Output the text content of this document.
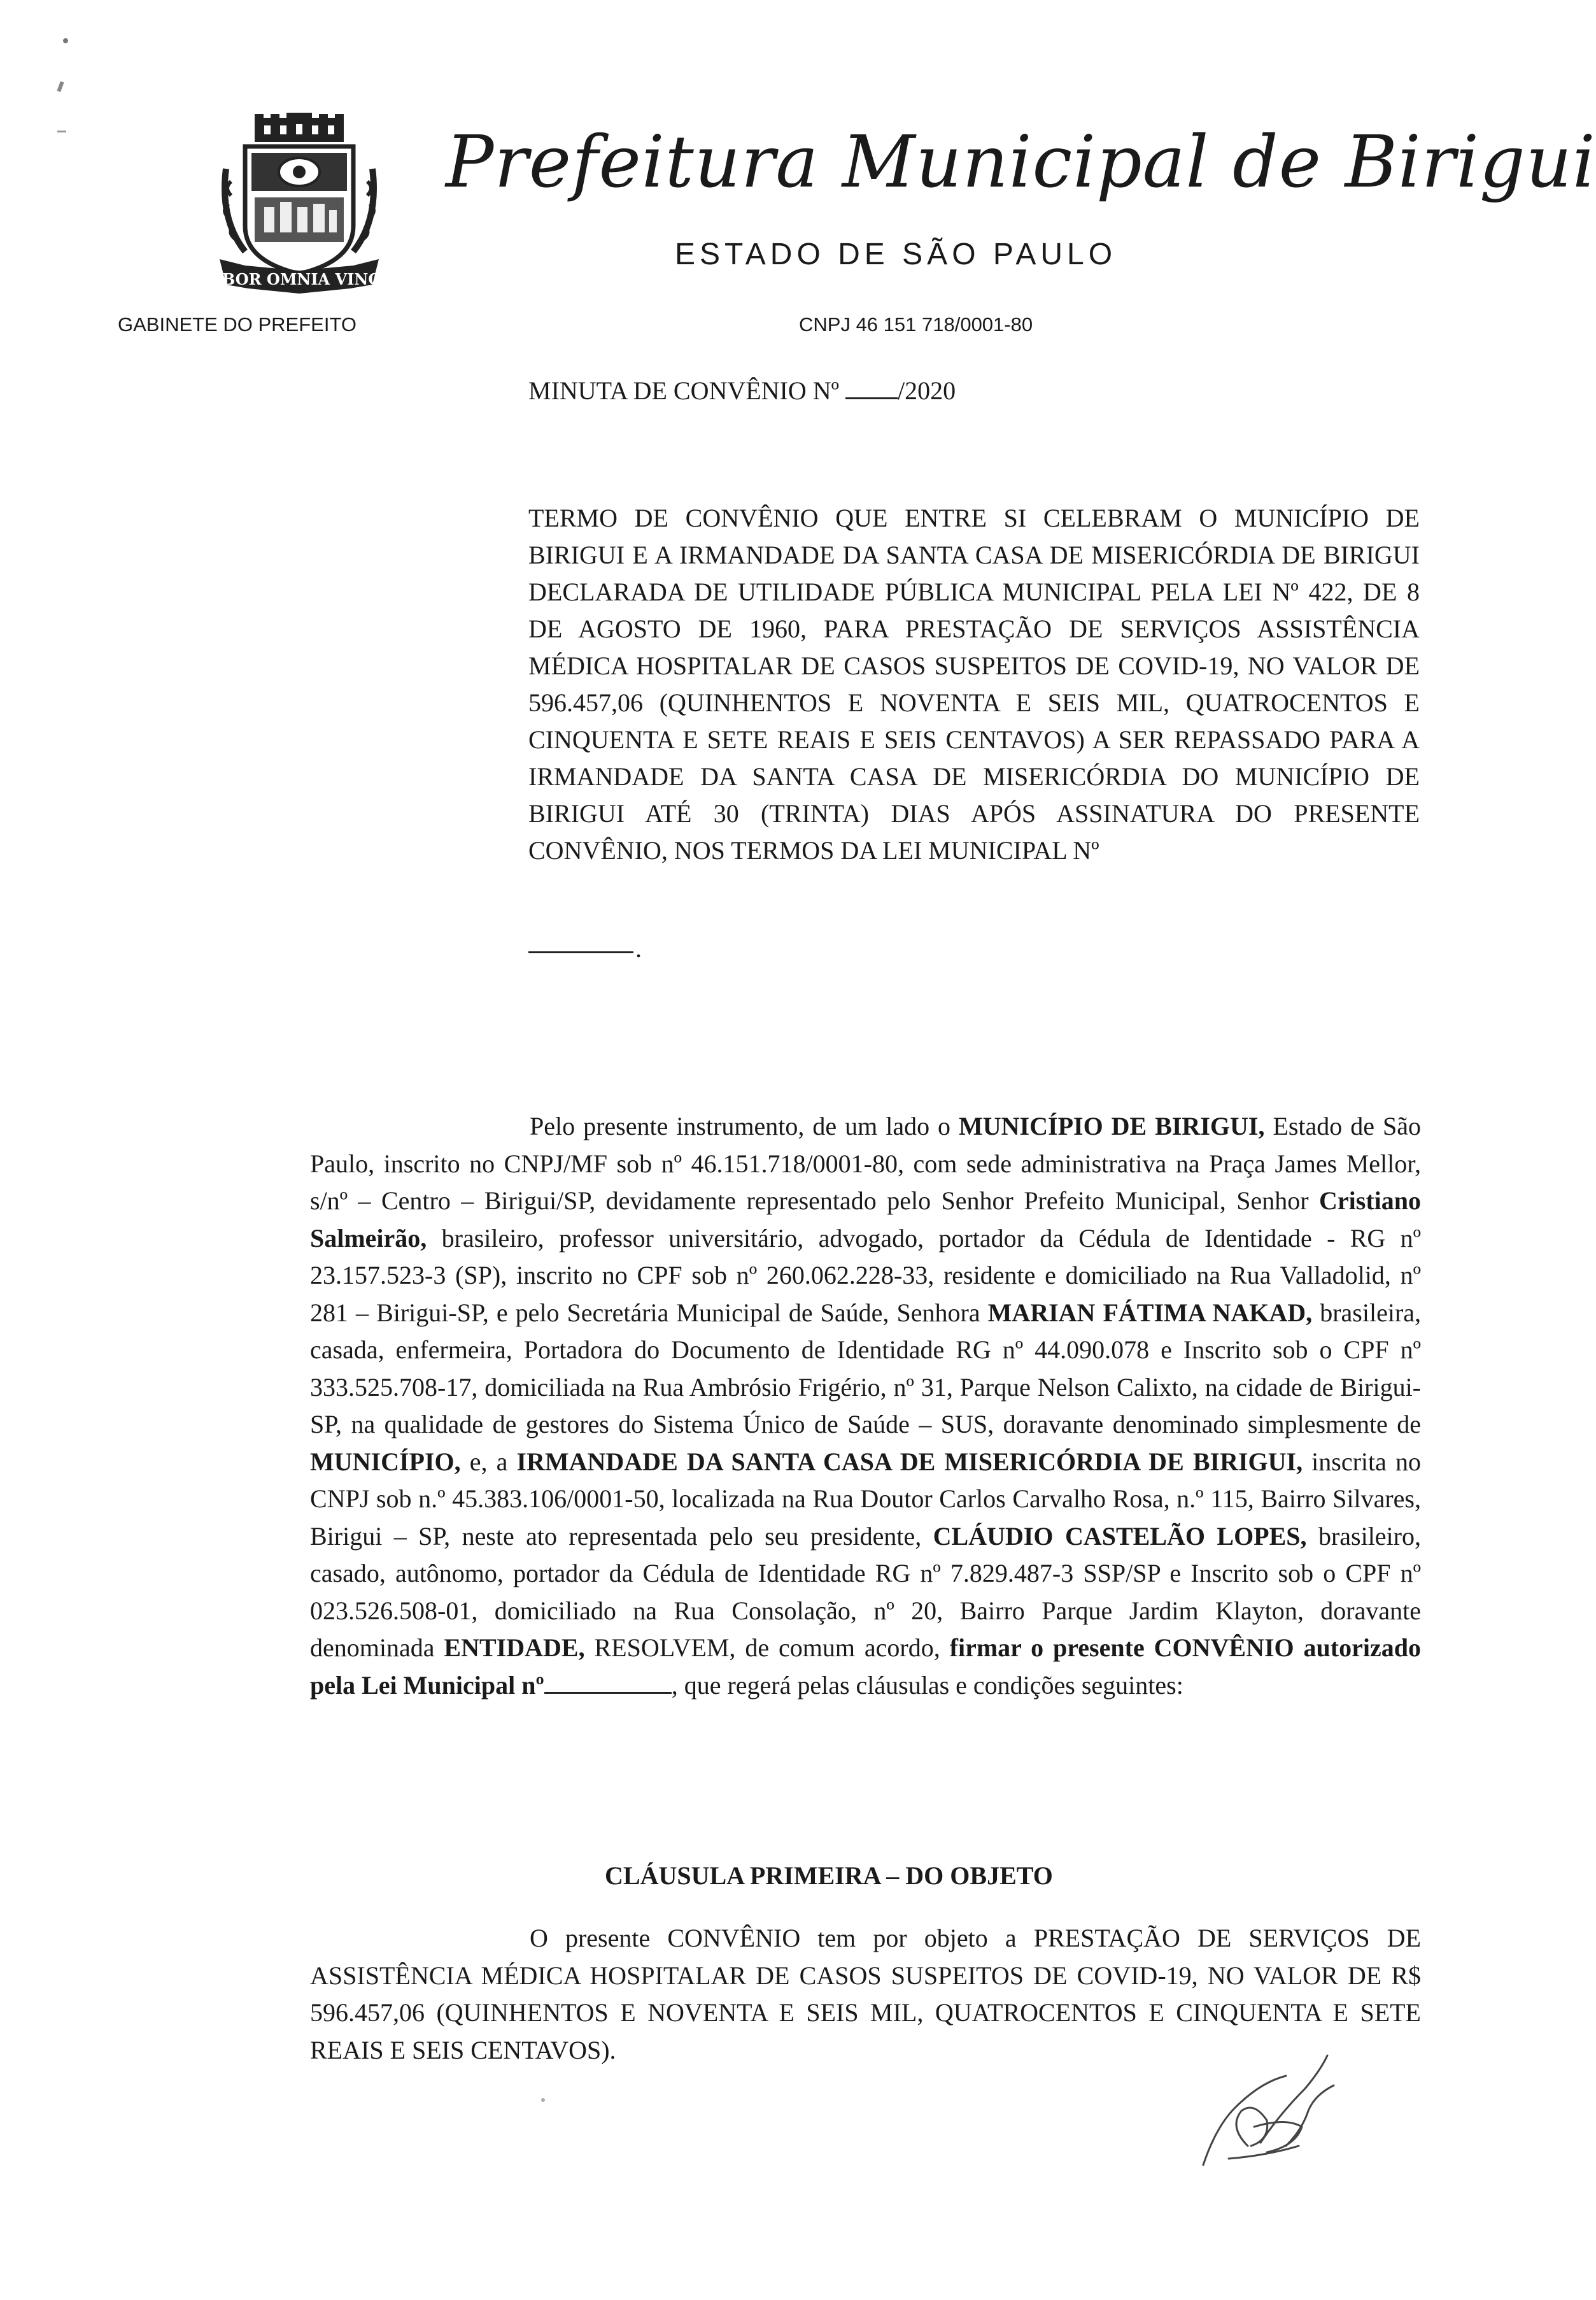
LABOR OMNIA VINCIT
Prefeitura Municipal de Birigui
ESTADO DE SÃO PAULO
GABINETE DO PREFEITO	CNPJ 46 151 718/0001-80
MINUTA DE CONVÊNIO Nº /2020
TERMO DE CONVÊNIO QUE ENTRE SI CELEBRAM O MUNICÍPIO DE BIRIGUI E A IRMANDADE DA SANTA CASA DE MISERICÓRDIA DE BIRIGUI DECLARADA DE UTILIDADE PÚBLICA MUNICIPAL PELA LEI Nº 422, DE 8 DE AGOSTO DE 1960, PARA PRESTAÇÃO DE SERVIÇOS ASSISTÊNCIA MÉDICA HOSPITALAR DE CASOS SUSPEITOS DE COVID-19, NO VALOR DE 596.457,06 (QUINHENTOS E NOVENTA E SEIS MIL, QUATROCENTOS E CINQUENTA E SETE REAIS E SEIS CENTAVOS) A SER REPASSADO PARA A IRMANDADE DA SANTA CASA DE MISERICÓRDIA DO MUNICÍPIO DE BIRIGUI ATÉ 30 (TRINTA) DIAS APÓS ASSINATURA DO PRESENTE CONVÊNIO, NOS TERMOS DA LEI MUNICIPAL Nº
.

Pelo presente instrumento, de um lado o MUNICÍPIO DE BIRIGUI, Estado de São Paulo, inscrito no CNPJ/MF sob nº 46.151.718/0001-80, com sede administrativa na Praça James Mellor, s/nº – Centro – Birigui/SP, devidamente representado pelo Senhor Prefeito Municipal, Senhor Cristiano Salmeirão, brasileiro, professor universitário, advogado, portador da Cédula de Identidade - RG nº 23.157.523-3 (SP), inscrito no CPF sob nº 260.062.228-33, residente e domiciliado na Rua Valladolid, nº 281 – Birigui-SP, e pelo Secretária Municipal de Saúde, Senhora MARIAN FÁTIMA NAKAD, brasileira, casada, enfermeira, Portadora do Documento de Identidade RG nº 44.090.078 e Inscrito sob o CPF nº 333.525.708-17, domiciliada na Rua Ambrósio Frigério, nº 31, Parque Nelson Calixto, na cidade de Birigui-SP, na qualidade de gestores do Sistema Único de Saúde – SUS, doravante denominado simplesmente de MUNICÍPIO, e, a IRMANDADE DA SANTA CASA DE MISERICÓRDIA DE BIRIGUI, inscrita no CNPJ sob n.º 45.383.106/0001-50, localizada na Rua Doutor Carlos Carvalho Rosa, n.º 115, Bairro Silvares, Birigui – SP, neste ato representada pelo seu presidente, CLÁUDIO CASTELÃO LOPES, brasileiro, casado, autônomo, portador da Cédula de Identidade RG nº 7.829.487-3 SSP/SP e Inscrito sob o CPF nº 023.526.508-01, domiciliado na Rua Consolação, nº 20, Bairro Parque Jardim Klayton, doravante denominada ENTIDADE, RESOLVEM, de comum acordo, firmar o presente CONVÊNIO autorizado pela Lei Municipal nº	, que regerá pelas cláusulas e condições seguintes:

CLÁUSULA PRIMEIRA – DO OBJETO

O presente CONVÊNIO tem por objeto a PRESTAÇÃO DE SERVIÇOS DE ASSISTÊNCIA MÉDICA HOSPITALAR DE CASOS SUSPEITOS DE COVID-19, NO VALOR DE R$ 596.457,06 (QUINHENTOS E NOVENTA E SEIS MIL, QUATROCENTOS E CINQUENTA E SETE REAIS E SEIS CENTAVOS).
